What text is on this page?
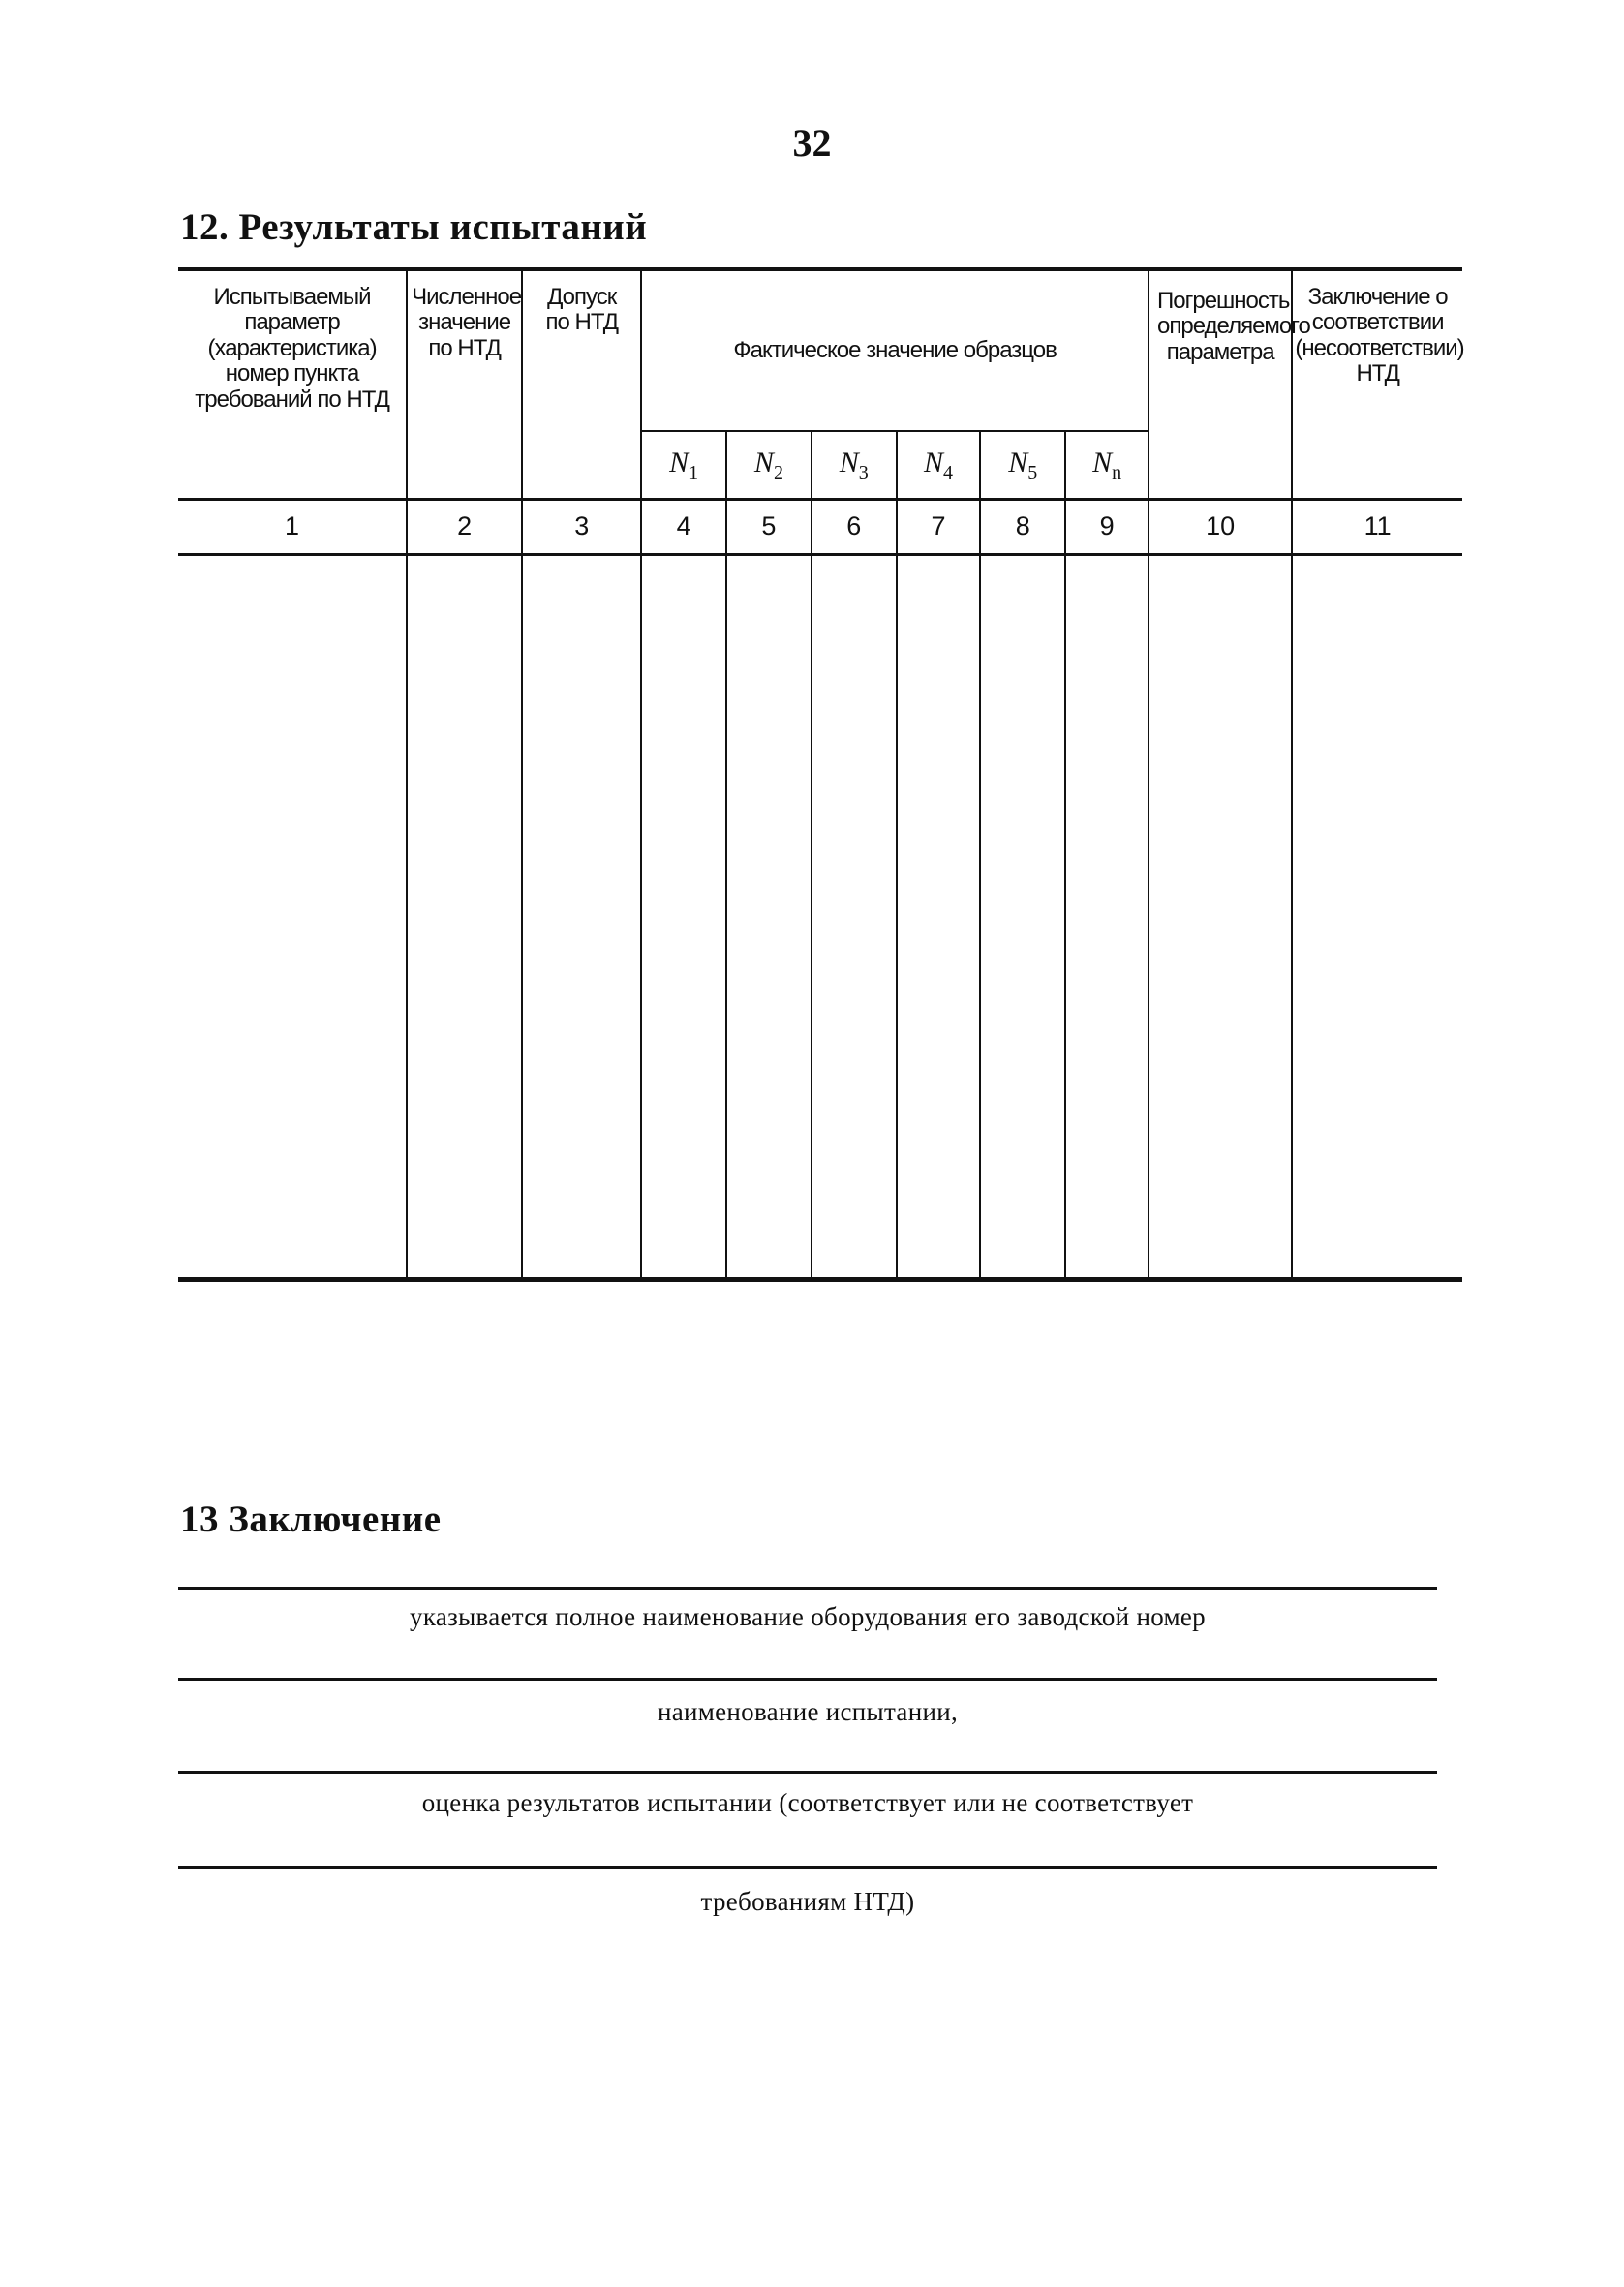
32
12. Результаты испытаний
Испытываемый параметр (характеристика) номер пункта требований по НТД	Численное значение по НТД	Допуск по НТД	Фактическое значение образцов						Погрешность определяемого параметра	Заключение о соответствии (несоответствии) НТД
			$N_1$	$N_2$	$N_3$	$N_4$	$N_5$	$N_n$
1	2	3	4	5	6	7	8	9	10	11

13 Заключение
указывается полное наименование оборудования его заводской номер
наименование испытании,
оценка результатов испытании (соответствует или не соответствует
требованиям НТД)
